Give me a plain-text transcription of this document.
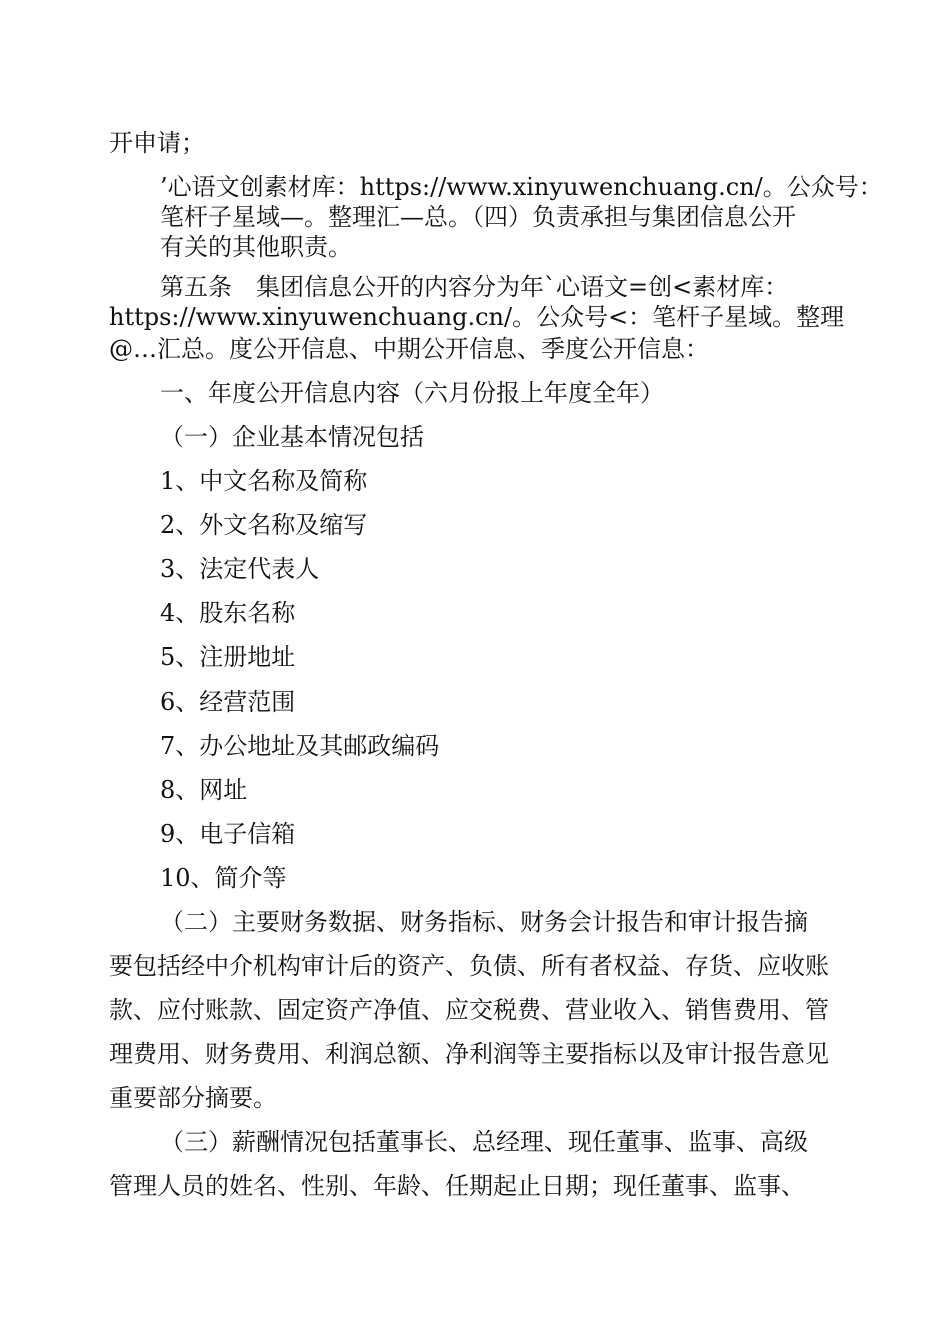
开申请；
’心语文创素材库：https://www.xinyuwenchuang.cn/。公众号：
笔杆子星域—。整理汇—总。（四）负责承担与集团信息公开
有关的其他职责。
第五条　集团信息公开的内容分为年`心语文=创<素材库：
https://www.xinyuwenchuang.cn/。公众号<：笔杆子星域。整理
@…汇总。度公开信息、中期公开信息、季度公开信息：
一、年度公开信息内容（六月份报上年度全年）
（一）企业基本情况包括
1、中文名称及简称
2、外文名称及缩写
3、法定代表人
4、股东名称
5、注册地址
6、经营范围
7、办公地址及其邮政编码
8、网址
9、电子信箱
10、简介等
（二）主要财务数据、财务指标、财务会计报告和审计报告摘
要包括经中介机构审计后的资产、负债、所有者权益、存货、应收账
款、应付账款、固定资产净值、应交税费、营业收入、销售费用、管
理费用、财务费用、利润总额、净利润等主要指标以及审计报告意见
重要部分摘要。
（三）薪酬情况包括董事长、总经理、现任董事、监事、高级
管理人员的姓名、性别、年龄、任期起止日期；现任董事、监事、
